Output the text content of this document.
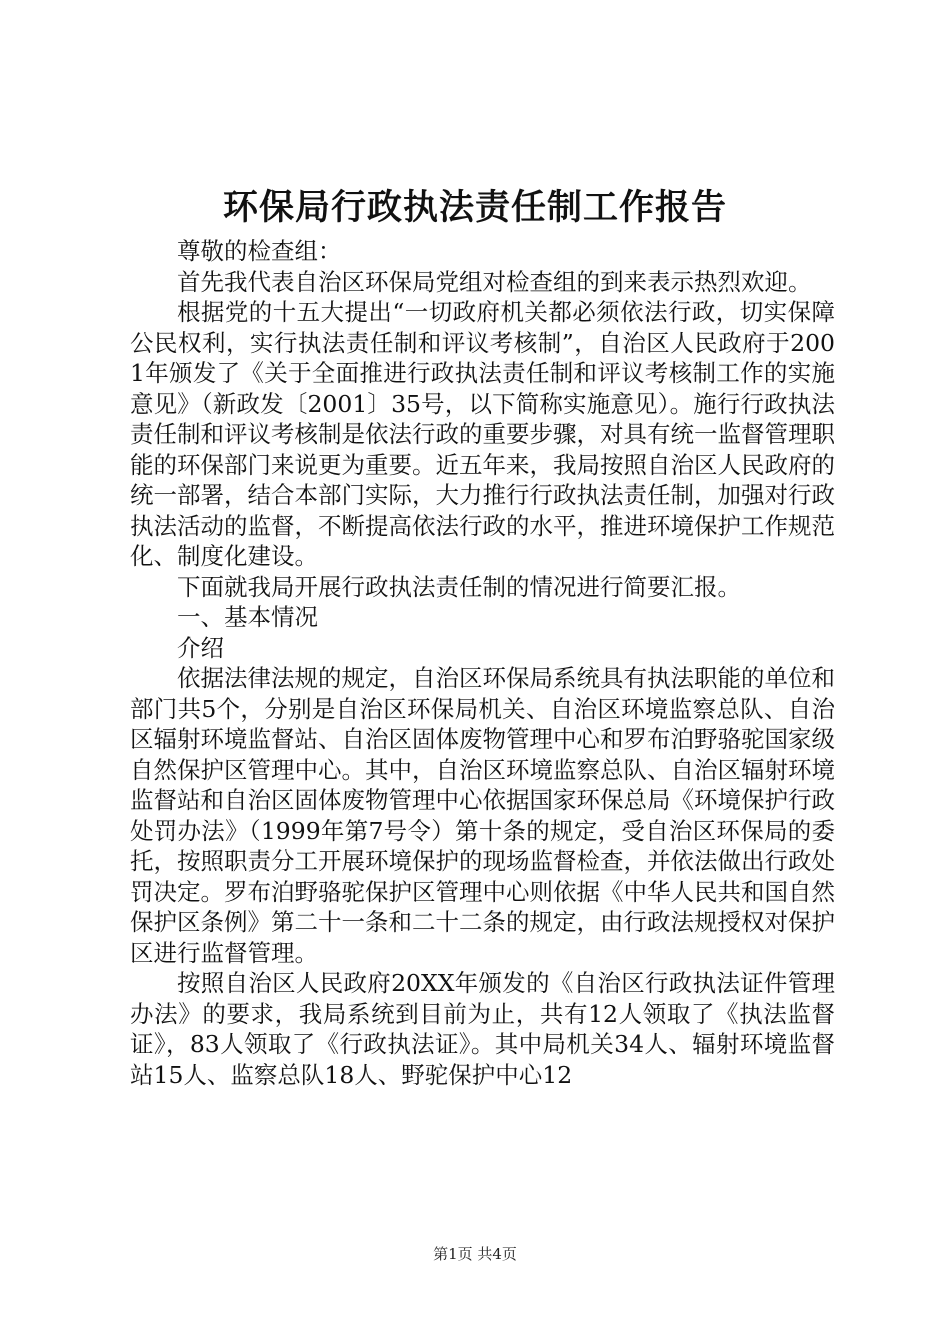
环保局行政执法责任制工作报告

尊敬的检查组：

首先我代表自治区环保局党组对检查组的到来表示热烈欢迎。

根据党的十五大提出“一切政府机关都必须依法行政，切实保障公民权利，实行执法责任制和评议考核制”，自治区人民政府于2001年颁发了《关于全面推进行政执法责任制和评议考核制工作的实施意见》（新政发〔2001〕35号，以下简称实施意见）。施行行政执法责任制和评议考核制是依法行政的重要步骤，对具有统一监督管理职能的环保部门来说更为重要。近五年来，我局按照自治区人民政府的统一部署，结合本部门实际，大力推行行政执法责任制，加强对行政执法活动的监督，不断提高依法行政的水平，推进环境保护工作规范化、制度化建设。

下面就我局开展行政执法责任制的情况进行简要汇报。

一、基本情况

介绍

依据法律法规的规定，自治区环保局系统具有执法职能的单位和部门共5个，分别是自治区环保局机关、自治区环境监察总队、自治区辐射环境监督站、自治区固体废物管理中心和罗布泊野骆驼国家级自然保护区管理中心。其中，自治区环境监察总队、自治区辐射环境监督站和自治区固体废物管理中心依据国家环保总局《环境保护行政处罚办法》（1999年第7号令）第十条的规定，受自治区环保局的委托，按照职责分工开展环境保护的现场监督检查，并依法做出行政处罚决定。罗布泊野骆驼保护区管理中心则依据《中华人民共和国自然保护区条例》第二十一条和二十二条的规定，由行政法规授权对保护区进行监督管理。

按照自治区人民政府20XX年颁发的《自治区行政执法证件管理办法》的要求，我局系统到目前为止，共有12人领取了《执法监督证》，83人领取了《行政执法证》。其中局机关34人、辐射环境监督站15人、监察总队18人、野驼保护中心12

第1页 共4页
